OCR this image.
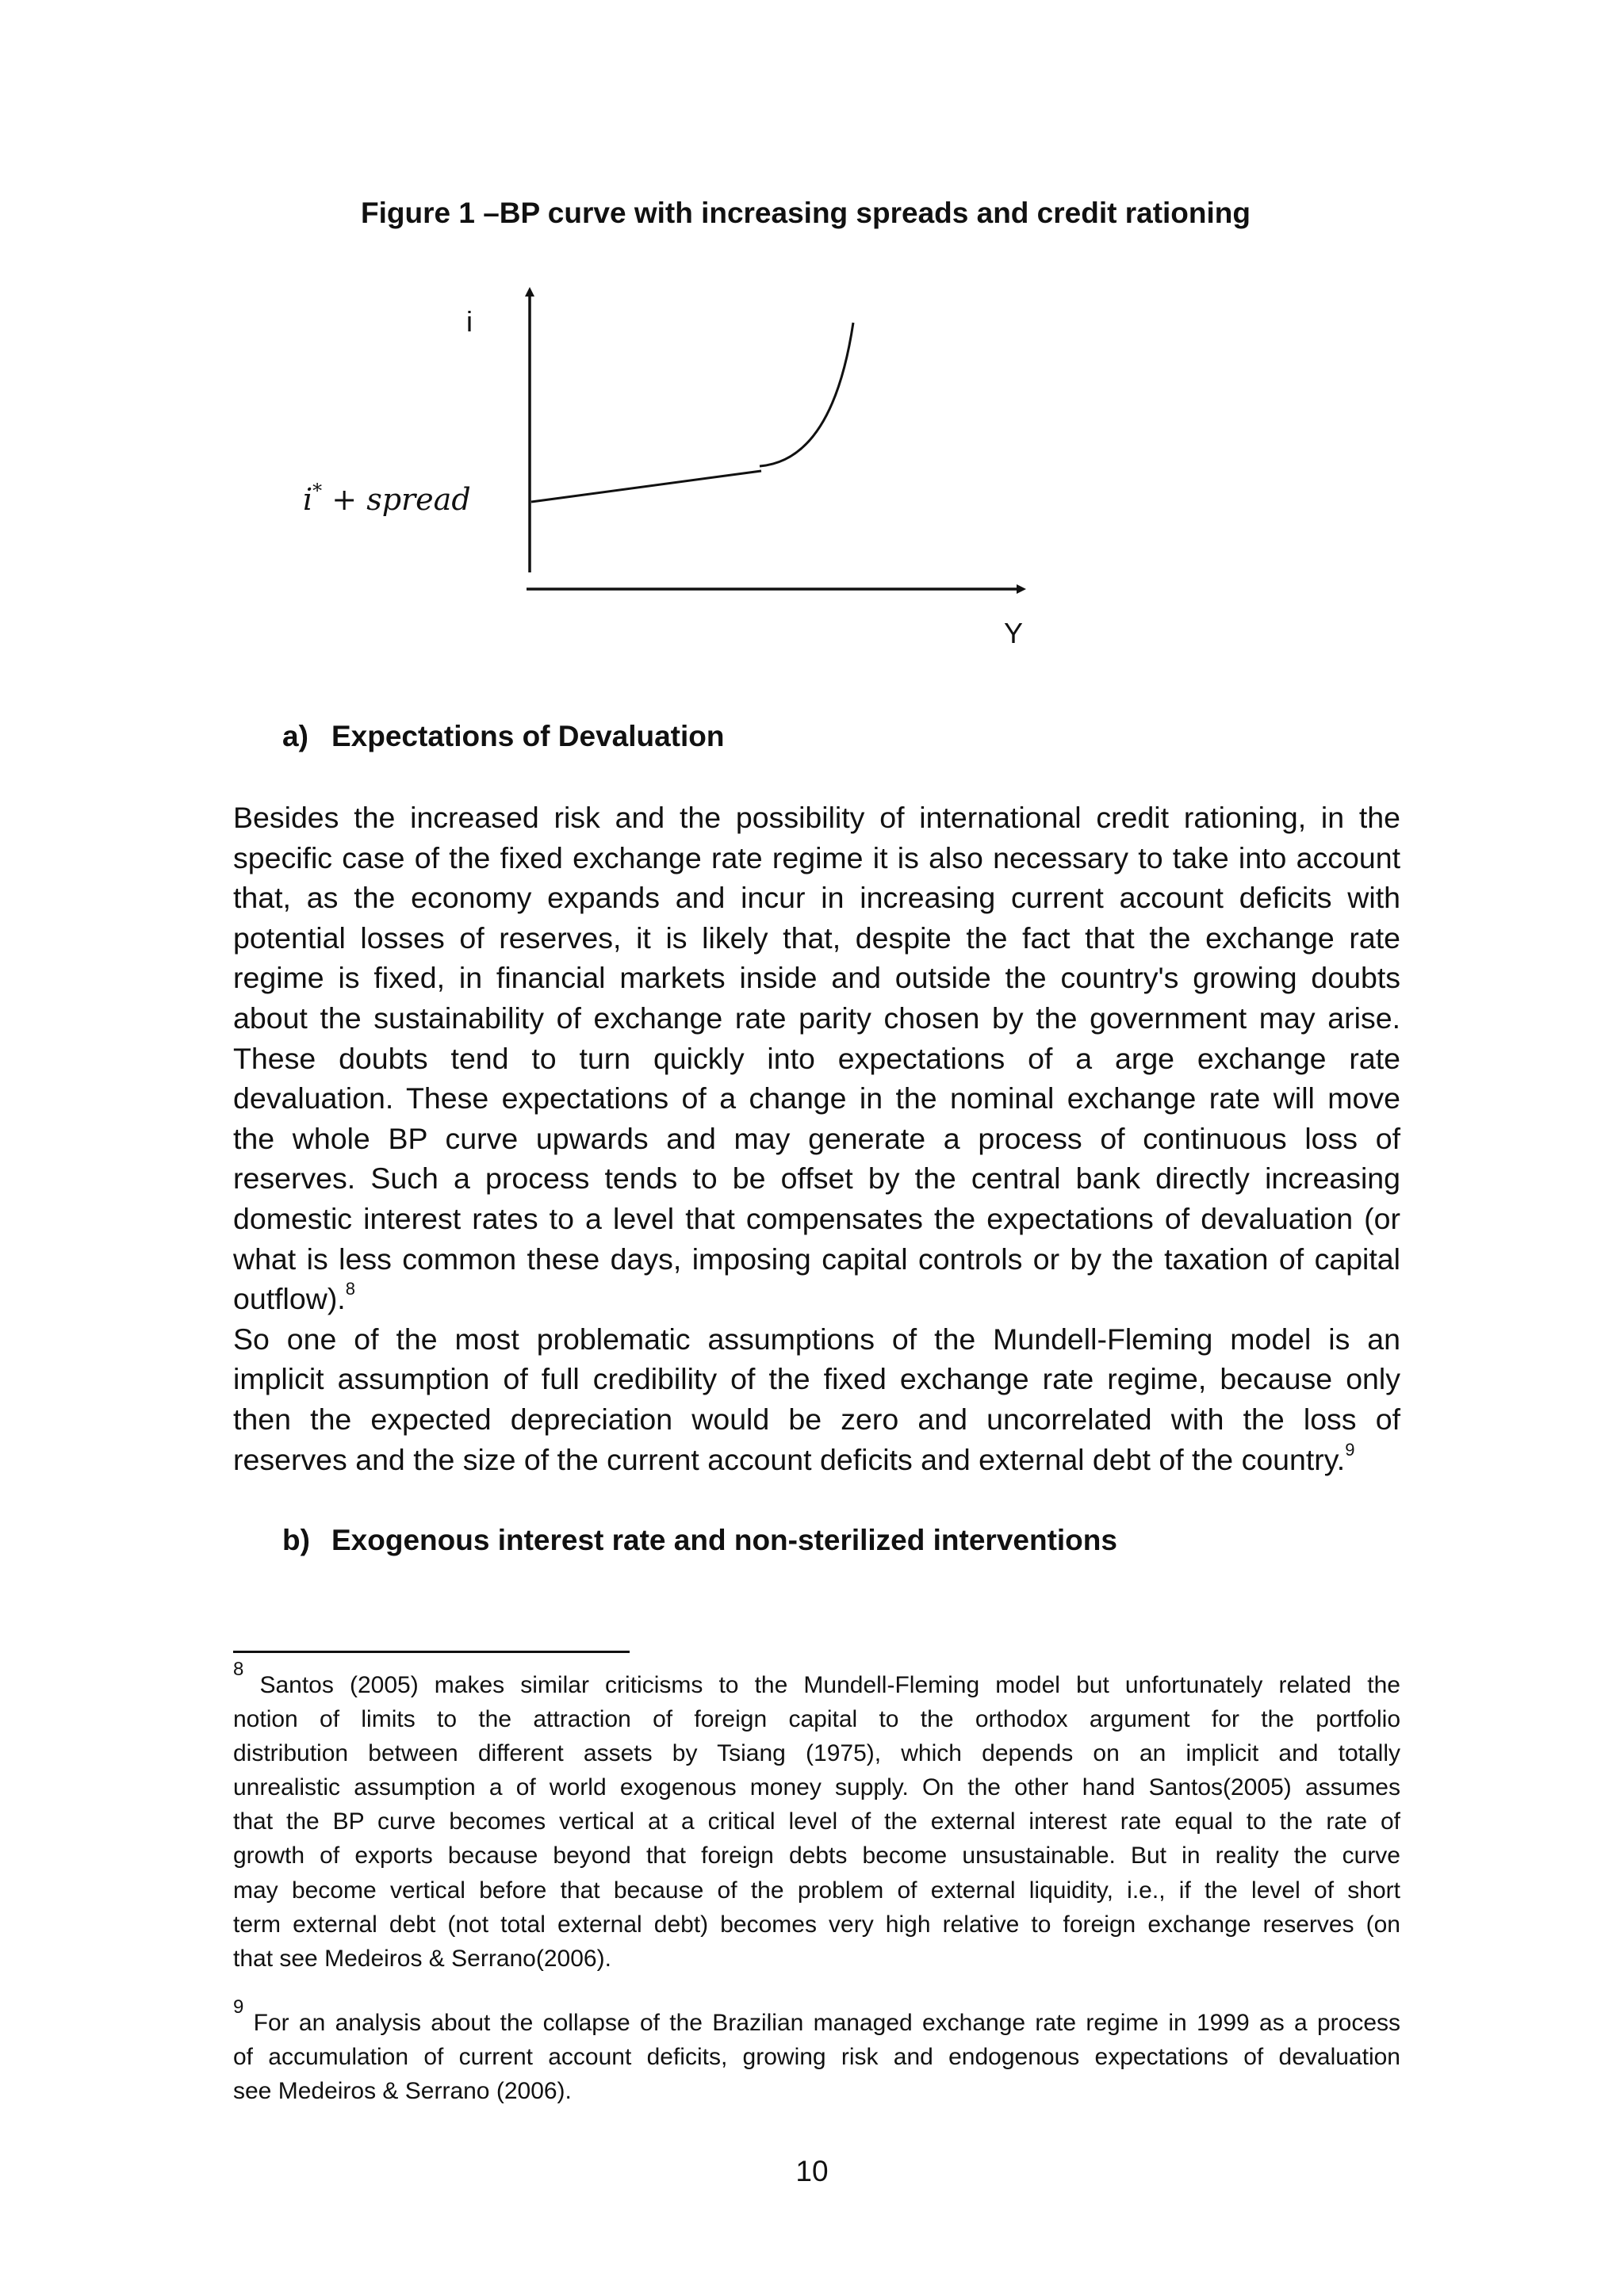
Figure 1 –BP curve with increasing spreads and credit rationing
i
i* + spread
Y
a) Expectations of Devaluation
Besides the increased risk and the possibility of international credit rationing, in the
specific case of the fixed exchange rate regime it is also necessary to take into account
that, as the economy expands and incur in increasing current account deficits with
potential losses of reserves, it is likely that, despite the fact that the exchange rate
regime is fixed, in financial markets inside and outside the country's growing doubts
about the sustainability of exchange rate parity chosen by the government may arise.
These doubts tend to turn quickly into expectations of a arge exchange rate
devaluation. These expectations of a change in the nominal exchange rate will move
the whole BP curve upwards and may generate a process of continuous loss of
reserves. Such a process tends to be offset by the central bank directly increasing
domestic interest rates to a level that compensates the expectations of devaluation (or
what is less common these days, imposing capital controls or by the taxation of capital
outflow).$^8$
So one of the most problematic assumptions of the Mundell-Fleming model is an
implicit assumption of full credibility of the fixed exchange rate regime, because only
then the expected depreciation would be zero and uncorrelated with the loss of
reserves and the size of the current account deficits and external debt of the country.$^9$
b) Exogenous interest rate and non-sterilized interventions
$^8$ Santos (2005) makes similar criticisms to the Mundell-Fleming model but unfortunately related the
notion of limits to the attraction of foreign capital to the orthodox argument for the portfolio
distribution between different assets by Tsiang (1975), which depends on an implicit and totally
unrealistic assumption a of world exogenous money supply. On the other hand Santos(2005) assumes
that the BP curve becomes vertical at a critical level of the external interest rate equal to the rate of
growth of exports because beyond that foreign debts become unsustainable. But in reality the curve
may become vertical before that because of the problem of external liquidity, i.e., if the level of short
term external debt (not total external debt) becomes very high relative to foreign exchange reserves (on
that see Medeiros & Serrano(2006).
$^9$ For an analysis about the collapse of the Brazilian managed exchange rate regime in 1999 as a process
of accumulation of current account deficits, growing risk and endogenous expectations of devaluation
see Medeiros & Serrano (2006).
10
